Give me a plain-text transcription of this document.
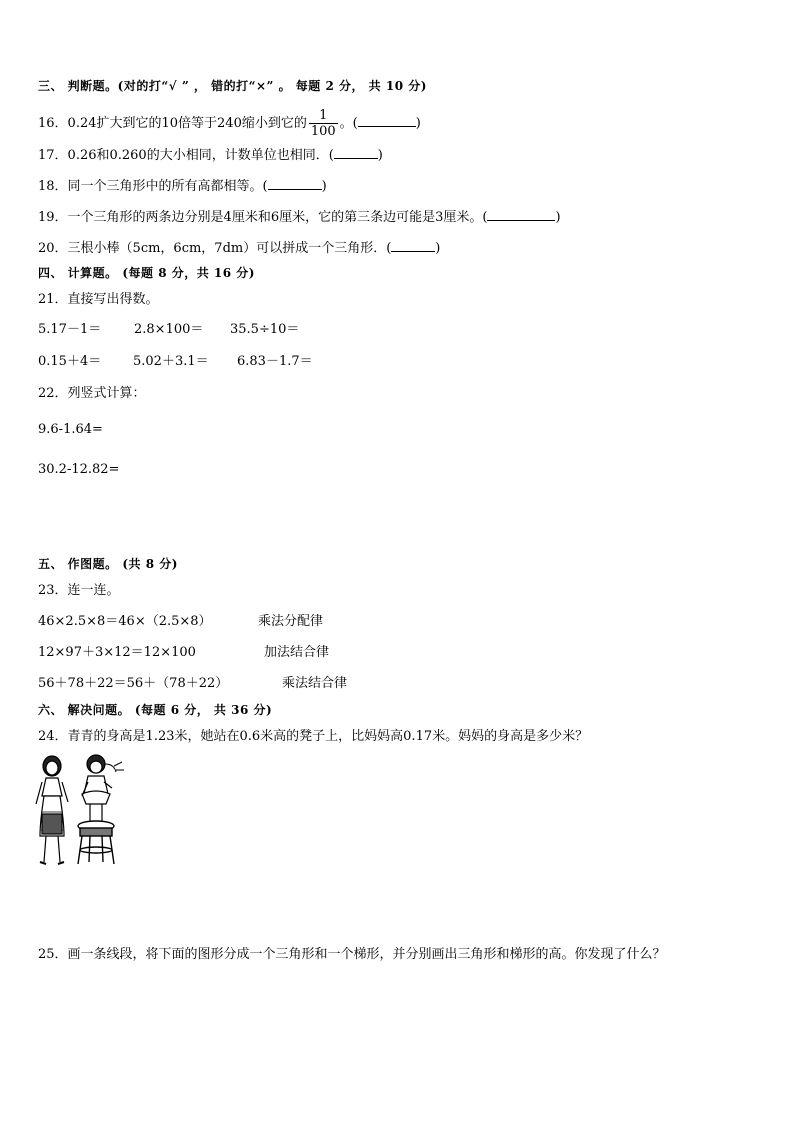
三、 判断题。(对的打“√ ” ， 错的打“×” 。 每题 2 分， 共 10 分)
16．0.24扩大到它的10倍等于240缩小到它的 $\frac{1}{100}$ 。(	)
17．0.26和0.260的大小相同，计数单位也相同．(	)
18．同一个三角形中的所有高都相等。(	)
19．一个三角形的两条边分别是4厘米和6厘米，它的第三条边可能是3厘米。(	)
20．三根小棒（5cm，6cm，7dm）可以拼成一个三角形．(	)
四、 计算题。 (每题 8 分，共 16 分)
21．直接写出得数。
5.17－1＝	2.8×100＝ 35.5÷10＝
0.15＋4＝ 5.02＋3.1＝ 6.83－1.7＝
22．列竖式计算：
9.6-1.64=
30.2-12.82=
五、 作图题。 (共 8 分)
23．连一连。
46×2.5×8＝46×（2.5×8）	乘法分配律
12×97＋3×12＝12×100	加法结合律
56＋78＋22＝56＋（78＋22）	乘法结合律
六、 解决问题。 (每题 6 分， 共 36 分)
24．青青的身高是1.23米，她站在0.6米高的凳子上，比妈妈高0.17米。妈妈的身高是多少米？
25．画一条线段，将下面的图形分成一个三角形和一个梯形，并分别画出三角形和梯形的高。你发现了什么？
